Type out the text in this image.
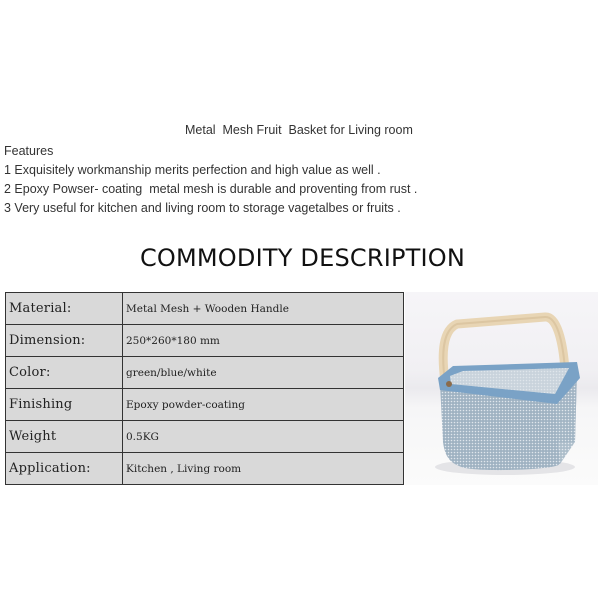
Metal  Mesh Fruit  Basket for Living room
Features
1 Exquisitely workmanship merits perfection and high value as well .
2 Epoxy Powser- coating  metal mesh is durable and proventing from rust .
3 Very useful for kitchen and living room to storage vagetalbes or fruits .
COMMODITY DESCRIPTION
Material:	Metal Mesh + Wooden Handle
Dimension:	250*260*180 mm
Color:	green/blue/white
Finishing	Epoxy powder-coating
Weight	0.5KG
Application:	Kitchen , Living room
